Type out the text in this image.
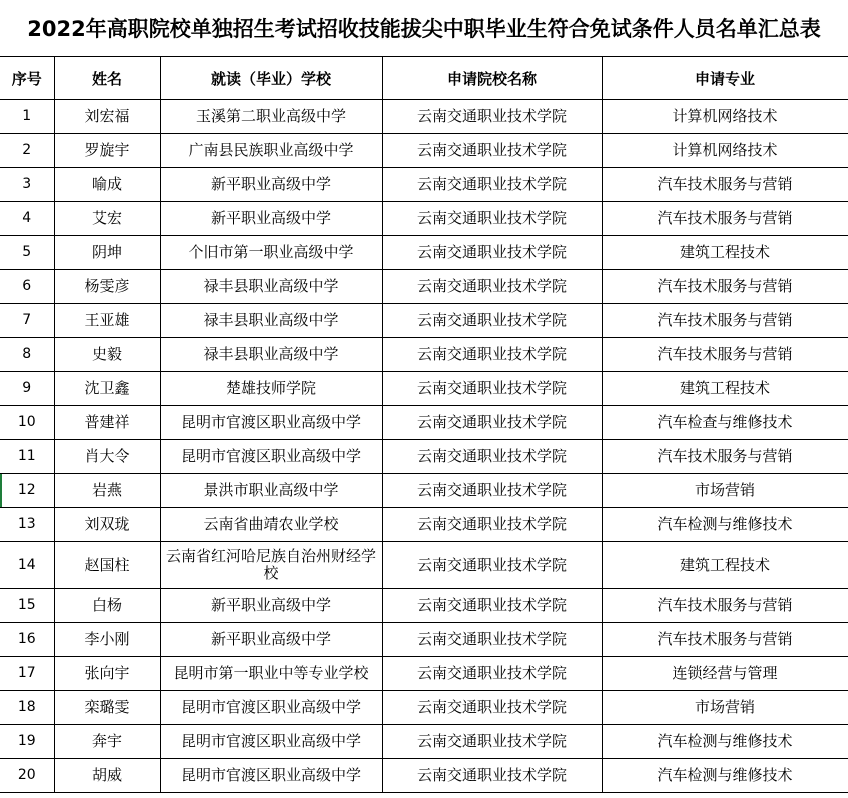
2022年高职院校单独招生考试招收技能拔尖中职毕业生符合免试条件人员名单汇总表
序号	姓名	就读（毕业）学校	申请院校名称	申请专业
1	刘宏福	玉溪第二职业高级中学	云南交通职业技术学院	计算机网络技术
2	罗旋宇	广南县民族职业高级中学	云南交通职业技术学院	计算机网络技术
3	喻成	新平职业高级中学	云南交通职业技术学院	汽车技术服务与营销
4	艾宏	新平职业高级中学	云南交通职业技术学院	汽车技术服务与营销
5	阴坤	个旧市第一职业高级中学	云南交通职业技术学院	建筑工程技术
6	杨雯彦	禄丰县职业高级中学	云南交通职业技术学院	汽车技术服务与营销
7	王亚雄	禄丰县职业高级中学	云南交通职业技术学院	汽车技术服务与营销
8	史毅	禄丰县职业高级中学	云南交通职业技术学院	汽车技术服务与营销
9	沈卫鑫	楚雄技师学院	云南交通职业技术学院	建筑工程技术
10	普建祥	昆明市官渡区职业高级中学	云南交通职业技术学院	汽车检查与维修技术
11	肖大令	昆明市官渡区职业高级中学	云南交通职业技术学院	汽车技术服务与营销
12	岩燕	景洪市职业高级中学	云南交通职业技术学院	市场营销
13	刘双珑	云南省曲靖农业学校	云南交通职业技术学院	汽车检测与维修技术
14	赵国柱	云南省红河哈尼族自治州财经学校	云南交通职业技术学院	建筑工程技术
15	白杨	新平职业高级中学	云南交通职业技术学院	汽车技术服务与营销
16	李小刚	新平职业高级中学	云南交通职业技术学院	汽车技术服务与营销
17	张向宇	昆明市第一职业中等专业学校	云南交通职业技术学院	连锁经营与管理
18	栾璐雯	昆明市官渡区职业高级中学	云南交通职业技术学院	市场营销
19	奔宇	昆明市官渡区职业高级中学	云南交通职业技术学院	汽车检测与维修技术
20	胡威	昆明市官渡区职业高级中学	云南交通职业技术学院	汽车检测与维修技术
